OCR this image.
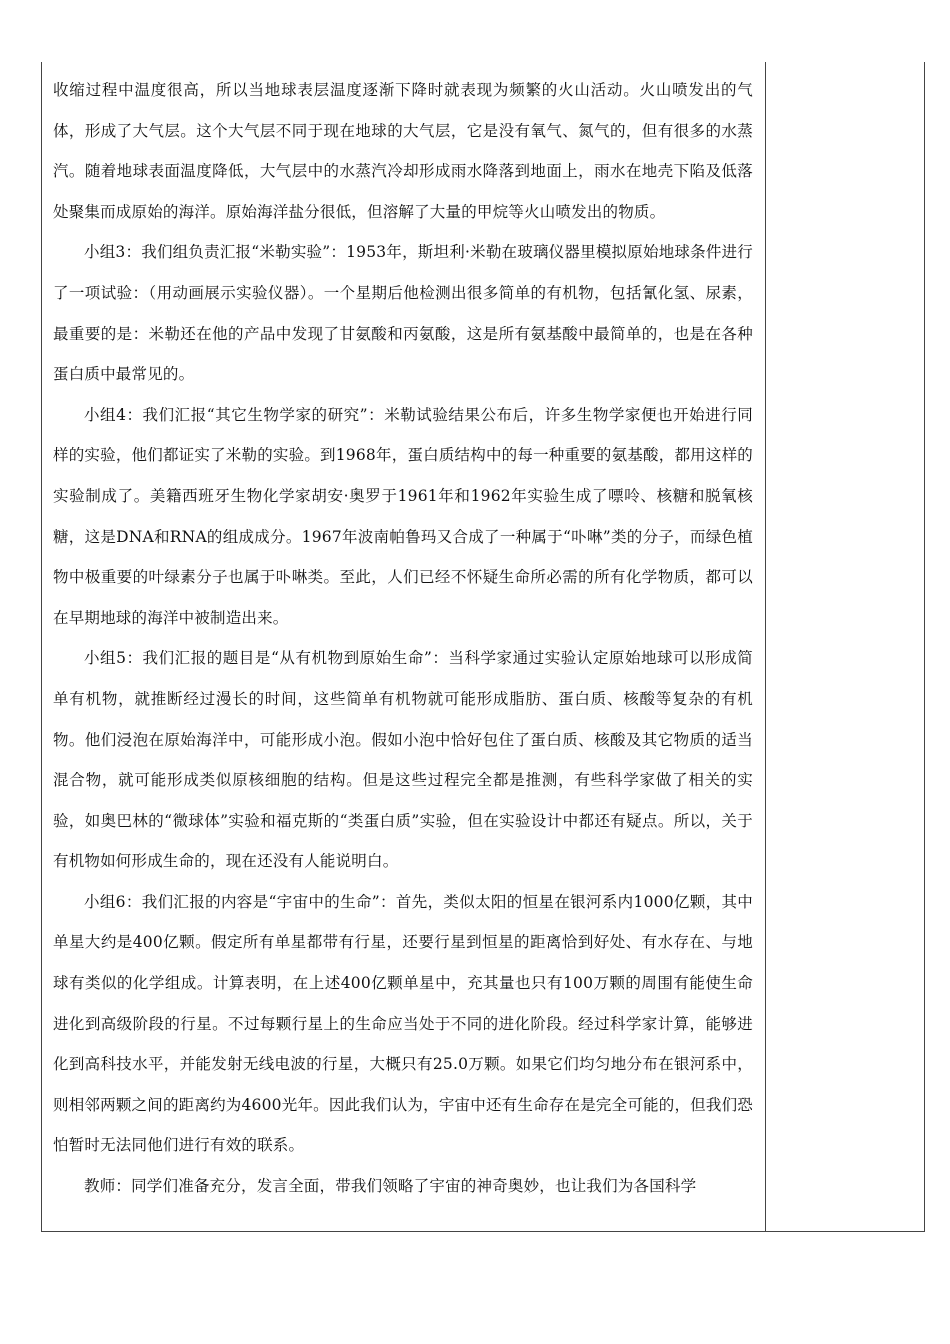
收缩过程中温度很高，所以当地球表层温度逐渐下降时就表现为频繁的火山活动。火山喷发出的气体，形成了大气层。这个大气层不同于现在地球的大气层，它是没有氧气、氮气的，但有很多的水蒸汽。随着地球表面温度降低，大气层中的水蒸汽冷却形成雨水降落到地面上，雨水在地壳下陷及低落处聚集而成原始的海洋。原始海洋盐分很低，但溶解了大量的甲烷等火山喷发出的物质。

小组3：我们组负责汇报“米勒实验”：1953年，斯坦利·米勒在玻璃仪器里模拟原始地球条件进行了一项试验：（用动画展示实验仪器）。一个星期后他检测出很多简单的有机物，包括氰化氢、尿素，最重要的是：米勒还在他的产品中发现了甘氨酸和丙氨酸，这是所有氨基酸中最简单的，也是在各种蛋白质中最常见的。

小组4：我们汇报“其它生物学家的研究”：米勒试验结果公布后，许多生物学家便也开始进行同样的实验，他们都证实了米勒的实验。到1968年，蛋白质结构中的每一种重要的氨基酸，都用这样的实验制成了。美籍西班牙生物化学家胡安·奥罗于1961年和1962年实验生成了嘌呤、核糖和脱氧核糖，这是DNA和RNA的组成成分。1967年波南帕鲁玛又合成了一种属于“卟啉”类的分子，而绿色植物中极重要的叶绿素分子也属于卟啉类。至此，人们已经不怀疑生命所必需的所有化学物质，都可以在早期地球的海洋中被制造出来。

小组5：我们汇报的题目是“从有机物到原始生命”：当科学家通过实验认定原始地球可以形成简单有机物，就推断经过漫长的时间，这些简单有机物就可能形成脂肪、蛋白质、核酸等复杂的有机物。他们浸泡在原始海洋中，可能形成小泡。假如小泡中恰好包住了蛋白质、核酸及其它物质的适当混合物，就可能形成类似原核细胞的结构。但是这些过程完全都是推测，有些科学家做了相关的实验，如奥巴林的“微球体”实验和福克斯的“类蛋白质”实验，但在实验设计中都还有疑点。所以，关于有机物如何形成生命的，现在还没有人能说明白。

小组6：我们汇报的内容是“宇宙中的生命”：首先，类似太阳的恒星在银河系内1000亿颗，其中单星大约是400亿颗。假定所有单星都带有行星，还要行星到恒星的距离恰到好处、有水存在、与地球有类似的化学组成。计算表明，在上述400亿颗单星中，充其量也只有100万颗的周围有能使生命进化到高级阶段的行星。不过每颗行星上的生命应当处于不同的进化阶段。经过科学家计算，能够进化到高科技水平，并能发射无线电波的行星，大概只有25.0万颗。如果它们均匀地分布在银河系中，则相邻两颗之间的距离约为4600光年。因此我们认为，宇宙中还有生命存在是完全可能的，但我们恐怕暂时无法同他们进行有效的联系。

教师：同学们准备充分，发言全面，带我们领略了宇宙的神奇奥妙，也让我们为各国科学
